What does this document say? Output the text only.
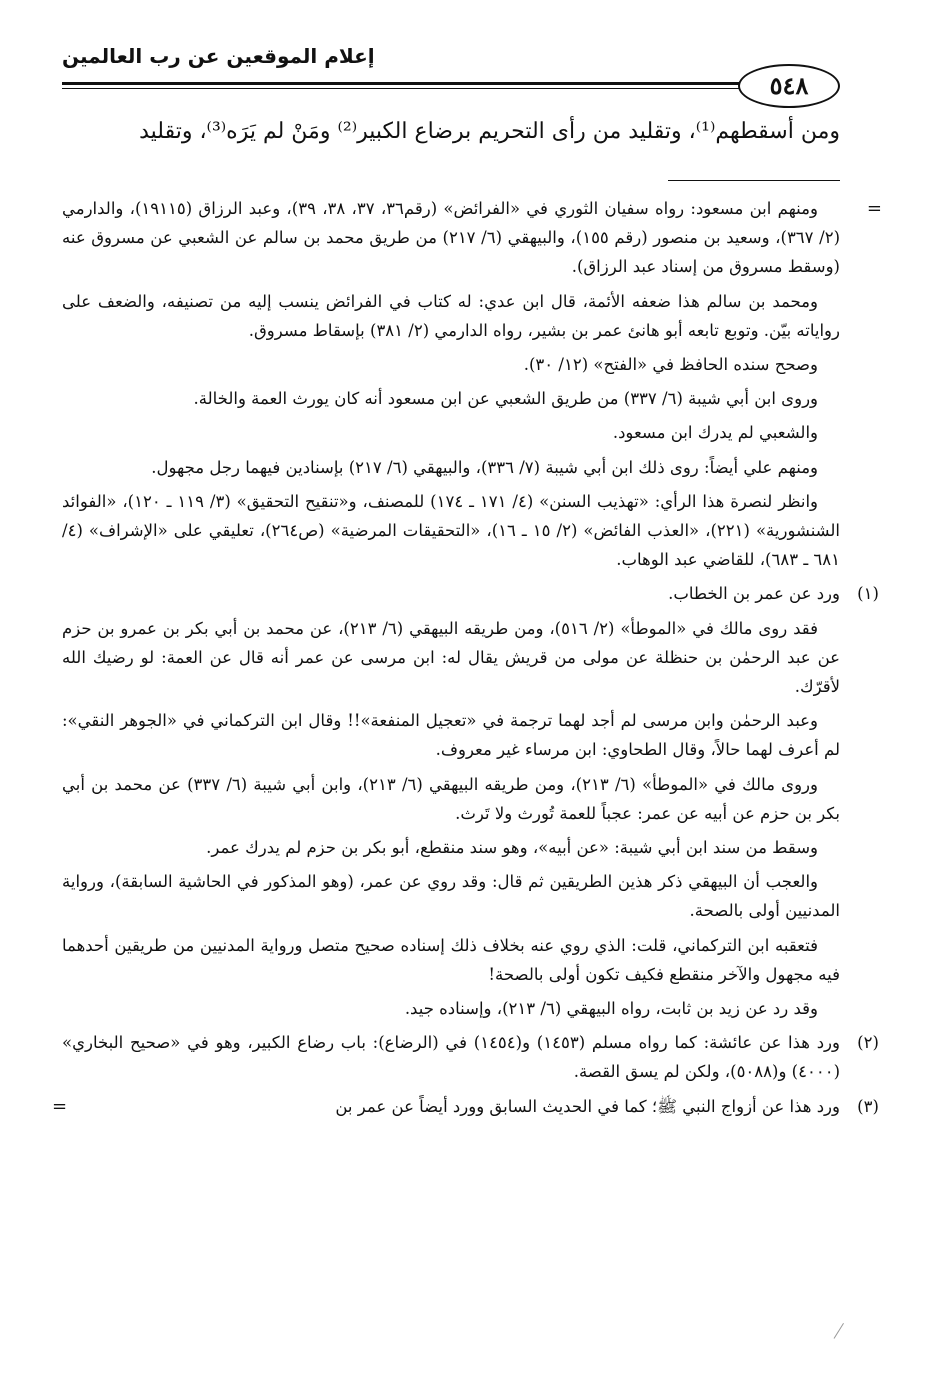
٥٤٨
إعلام الموقعين عن رب العالمين
ومن أسقطهم⁽¹⁾، وتقليد من رأى التحريم برضاع الكبير⁽²⁾ ومَنْ لم يَرَه⁽³⁾، وتقليد
=

ومنهم ابن مسعود: رواه سفيان الثوري في «الفرائض» (رقم٣٦، ٣٧، ٣٨، ٣٩)، وعبد الرزاق (١٩١١٥)، والدارمي (٢/ ٣٦٧)، وسعيد بن منصور (رقم ١٥٥)، والبيهقي (٦/ ٢١٧) من طريق محمد بن سالم عن الشعبي عن مسروق عنه (وسقط مسروق من إسناد عبد الرزاق).

ومحمد بن سالم هذا ضعفه الأئمة، قال ابن عدي: له كتاب في الفرائض ينسب إليه من تصنيفه، والضعف على رواياته بيّن. وتوبع تابعه أبو هانئ عمر بن بشير، رواه الدارمي (٢/ ٣٨١) بإسقاط مسروق.

وصحح سنده الحافظ في «الفتح» (١٢/ ٣٠).

وروى ابن أبي شيبة (٦/ ٣٣٧) من طريق الشعبي عن ابن مسعود أنه كان يورث العمة والخالة.

والشعبي لم يدرك ابن مسعود.

ومنهم علي أيضاً: روى ذلك ابن أبي شيبة (٧/ ٣٣٦)، والبيهقي (٦/ ٢١٧) بإسنادين فيهما رجل مجهول.

وانظر لنصرة هذا الرأي: «تهذيب السنن» (٤/ ١٧١ ـ ١٧٤) للمصنف، و«تنقيح التحقيق» (٣/ ١١٩ ـ ١٢٠)، «الفوائد الشنشورية» (٢٢١)، «العذب الفائض» (٢/ ١٥ ـ ١٦)، «التحقيقات المرضية» (ص٢٦٤)، تعليقي على «الإشراف» (٤/ ٦٨١ ـ ٦٨٣)، للقاضي عبد الوهاب.

(١)

ورد عن عمر بن الخطاب.

فقد روى مالك في «الموطأ» (٢/ ٥١٦)، ومن طريقه البيهقي (٦/ ٢١٣)، عن محمد بن أبي بكر بن عمرو بن حزم عن عبد الرحمٰن بن حنظلة عن مولى من قريش يقال له: ابن مرسى عن عمر أنه قال عن العمة: لو رضيك الله لأقرّك.

وعبد الرحمٰن وابن مرسى لم أجد لهما ترجمة في «تعجيل المنفعة»!! وقال ابن التركماني في «الجوهر النقي»: لم أعرف لهما حالاً، وقال الطحاوي: ابن مرساء غير معروف.

وروى مالك في «الموطأ» (٦/ ٢١٣)، ومن طريقه البيهقي (٦/ ٢١٣)، وابن أبي شيبة (٦/ ٣٣٧) عن محمد بن أبي بكر بن حزم عن أبيه عن عمر: عجباً للعمة تُورث ولا تَرث.

وسقط من سند ابن أبي شيبة: «عن أبيه»، وهو سند منقطع، أبو بكر بن حزم لم يدرك عمر.

والعجب أن البيهقي ذكر هذين الطريقين ثم قال: وقد روي عن عمر، (وهو المذكور في الحاشية السابقة)، ورواية المدنيين أولى بالصحة.

فتعقبه ابن التركماني، قلت: الذي روي عنه بخلاف ذلك إسناده صحيح متصل ورواية المدنيين من طريقين أحدهما فيه مجهول والآخر منقطع فكيف تكون أولى بالصحة!

وقد رد عن زيد بن ثابت، رواه البيهقي (٦/ ٢١٣)، وإسناده جيد.

(٢)

ورد هذا عن عائشة: كما رواه مسلم (١٤٥٣) و(١٤٥٤) في (الرضاع): باب رضاع الكبير، وهو في «صحيح البخاري» (٤٠٠٠) و(٥٠٨٨)، ولكن لم يسق القصة.

(٣)

ورد هذا عن أزواج النبي ﷺ؛ كما في الحديث السابق وورد أيضاً عن عمر بن

=
